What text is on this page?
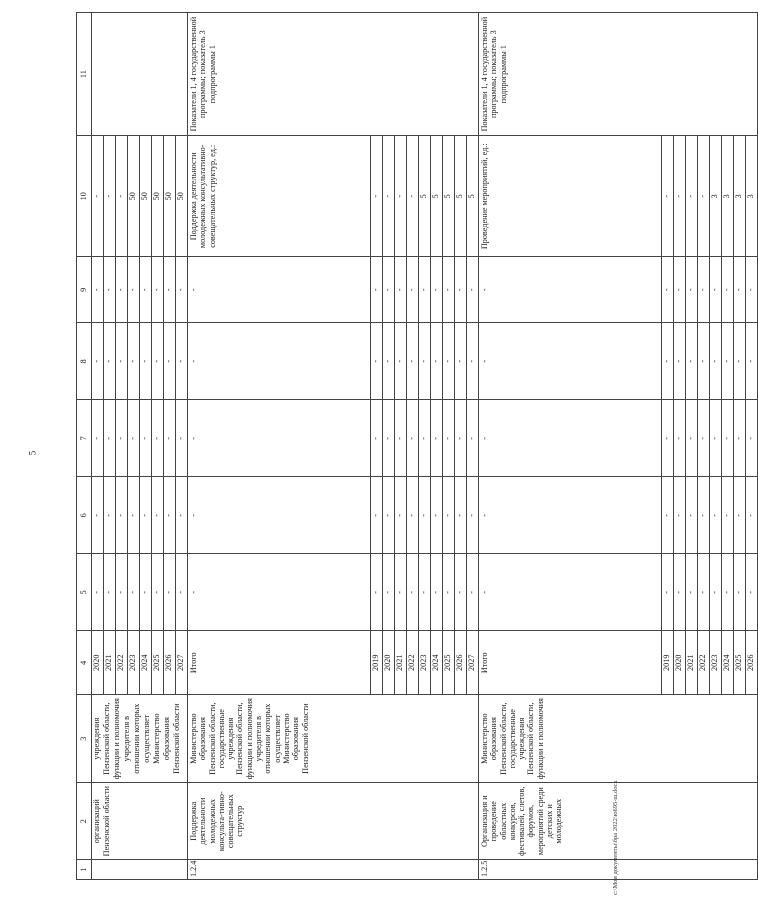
5
1	2	3	4	5	6	7	8	9	10	11
	организаций Пензенской области	учреждения Пензенской области, функции и полномочия учредителя в отношении которых осуществляет Министерство образования Пензенской области	2020	-	-	-	-	-	-	
			2021	-	-	-	-	-	-	
			2022	-	-	-	-	-	-	
			2023	-	-	-	-	-	50	
			2024	-	-	-	-	-	50	
			2025	-	-	-	-	-	50	
			2026	-	-	-	-	-	50	
			2027	-	-	-	-	-	50	
1.2.4	Поддержка деятельности молодежных консульта-тивно-совещательных структур	Министерство образования Пензенской области, государственные учреждения Пензенской области, функции и полномочия учредителя в отношении которых осуществляет Министерство образования Пензенской области	Итого	-	-	-	-	-	Поддержка деятельности молодежных консультативно-совещательных структур, ед.:	Показатели 1, 4 государственной программы; показатель 3 подпрограммы 1
			2019	-	-	-	-	-	-	
			2020	-	-	-	-	-	-	
			2021	-	-	-	-	-	-	
			2022	-	-	-	-	-	-	
			2023	-	-	-	-	-	5	
			2024	-	-	-	-	-	5	
			2025	-	-	-	-	-	5	
			2026	-	-	-	-	-	5	
			2027	-	-	-	-	-	5	
1.2.5	Организация и проведение областных конкурсов, фестивалей, слетов, форумов, мероприятий среди детских и молодежных	Министерство образования Пензенской области, государственные учреждения Пензенской области, функции и полномочия	Итого	-	-	-	-	-	Проведение мероприятий, ед.:	Показатели 1, 4 государственной программы; показатель 3 подпрограммы 1
			2019	-	-	-	-	-	-	
			2020	-	-	-	-	-	-	
			2021	-	-	-	-	-	-	
			2022	-	-	-	-	-	-	
			2023	-	-	-	-	-	3	
			2024	-	-	-	-	-	3	
			2025	-	-	-	-	-	3	
			2026	-	-	-	-	-	3	
c:\Мои документы\бра 2022\ю695-ш.docx
